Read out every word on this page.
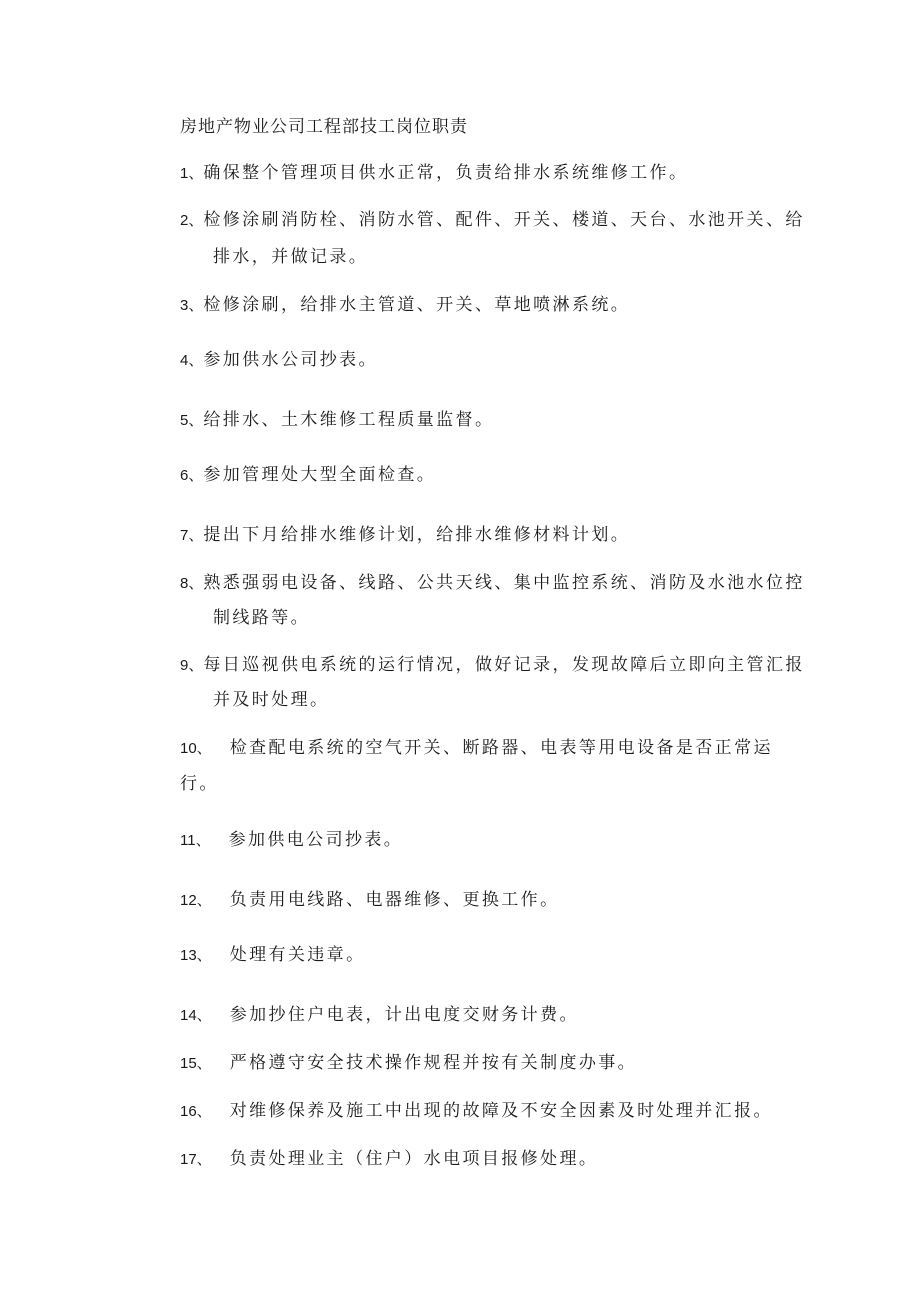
房地产物业公司工程部技工岗位职责
1、确保整个管理项目供水正常，负责给排水系统维修工作。
2、检修涂刷消防栓、消防水管、配件、开关、楼道、天台、水池开关、给
排水，并做记录。
3、检修涂刷，给排水主管道、开关、草地喷淋系统。
4、参加供水公司抄表。
5、给排水、土木维修工程质量监督。
6、参加管理处大型全面检查。
7、提出下月给排水维修计划，给排水维修材料计划。
8、熟悉强弱电设备、线路、公共天线、集中监控系统、消防及水池水位控
制线路等。
9、每日巡视供电系统的运行情况，做好记录，发现故障后立即向主管汇报
并及时处理。
10、 检查配电系统的空气开关、断路器、电表等用电设备是否正常运
行。
11、 参加供电公司抄表。
12、 负责用电线路、电器维修、更换工作。
13、 处理有关违章。
14、 参加抄住户电表，计出电度交财务计费。
15、 严格遵守安全技术操作规程并按有关制度办事。
16、 对维修保养及施工中出现的故障及不安全因素及时处理并汇报。
17、 负责处理业主（住户）水电项目报修处理。
